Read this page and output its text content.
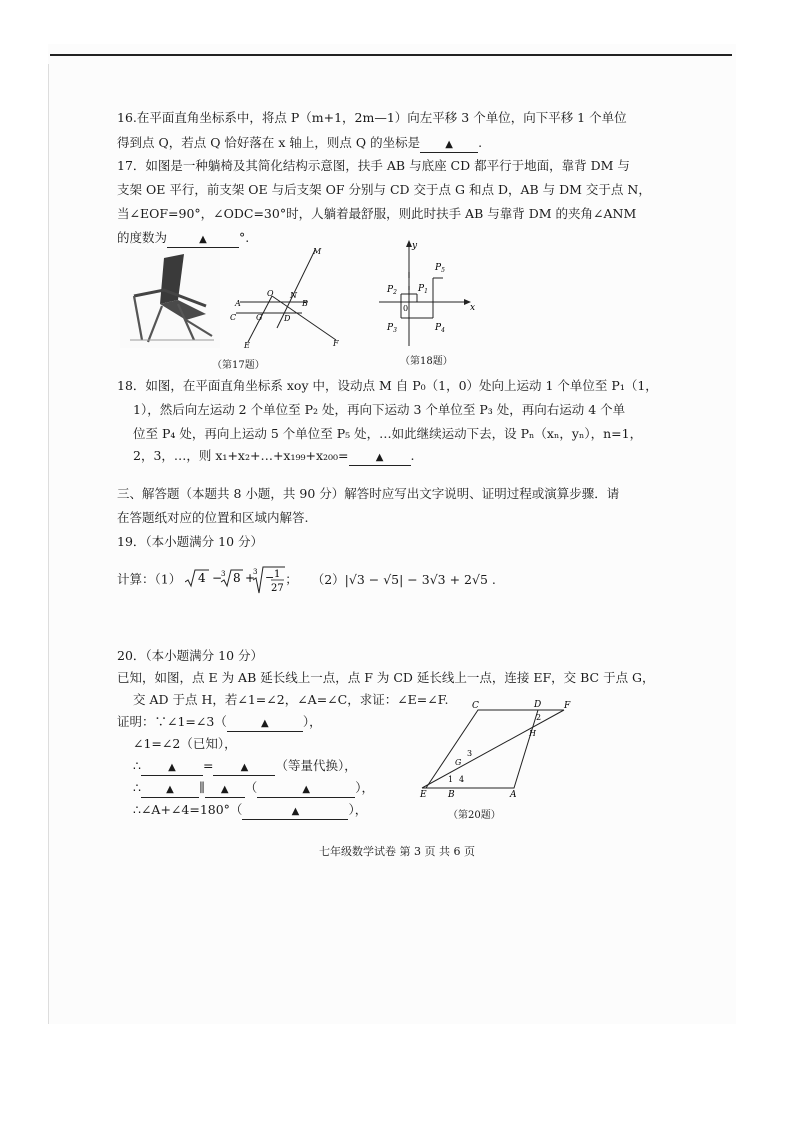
16.在平面直角坐标系中，将点 P（m+1，2m—1）向左平移 3 个单位，向下平移 1 个单位
得到点 Q，若点 Q 恰好落在 x 轴上，则点 Q 的坐标是	▲ .
17．如图是一种躺椅及其简化结构示意图，扶手 AB 与底座 CD 都平行于地面，靠背 DM 与
支架 OE 平行，前支架 OE 与后支架 OF 分别与 CD 交于点 G 和点 D，AB 与 DM 交于点 N，
当∠EOF=90°，∠ODC=30°时，人躺着最舒服，则此时扶手 AB 与靠背 DM 的夹角∠ANM
的度数为	▲	°.
M
A
O N
B
C G	D
E	F
（第17题）
y
x
0
$P_1$
$P_2$
$P_3$	$P_4$
$P_5$
（第18题）
18．如图，在平面直角坐标系 xoy 中，设动点 M 自 P₀（1，0）处向上运动 1 个单位至 P₁（1，
1），然后向左运动 2 个单位至 P₂ 处，再向下运动 3 个单位至 P₃ 处，再向右运动 4 个单
位至 P₄ 处，再向上运动 5 个单位至 P₅ 处，…如此继续运动下去，设 Pₙ（xₙ，yₙ），n=1，
2，3，…，则 x₁+x₂+…+x₁₉₉+x₂₀₀=	▲ .
三、解答题（本题共 8 小题，共 90 分）解答时应写出文字说明、证明过程或演算步骤．请
在答题纸对应的位置和区域内解答.
19．（本小题满分 10 分）
计算：（1） 4 −
3 8 +
3 − 1
27
； （2）|√3 − √5| − 3√3 + 2√5 .
20．（本小题满分 10 分）
已知，如图，点 E 为 AB 延长线上一点，点 F 为 CD 延长线上一点，连接 EF，交 BC 于点 G，
交 AD 于点 H，若∠1=∠2，∠A=∠C，求证：∠E=∠F.
证明：∵∠1=∠3（	▲	），
∠1=∠2（已知），
∴	▲ =	▲ （等量代换），
∴	▲ ∥ ▲ （	▲	），
∴∠A+∠4=180°（	▲	），
C	D	F
2
H
3
G
1 4
E B	A
（第20题）
七年级数学试卷 第 3 页 共 6 页
